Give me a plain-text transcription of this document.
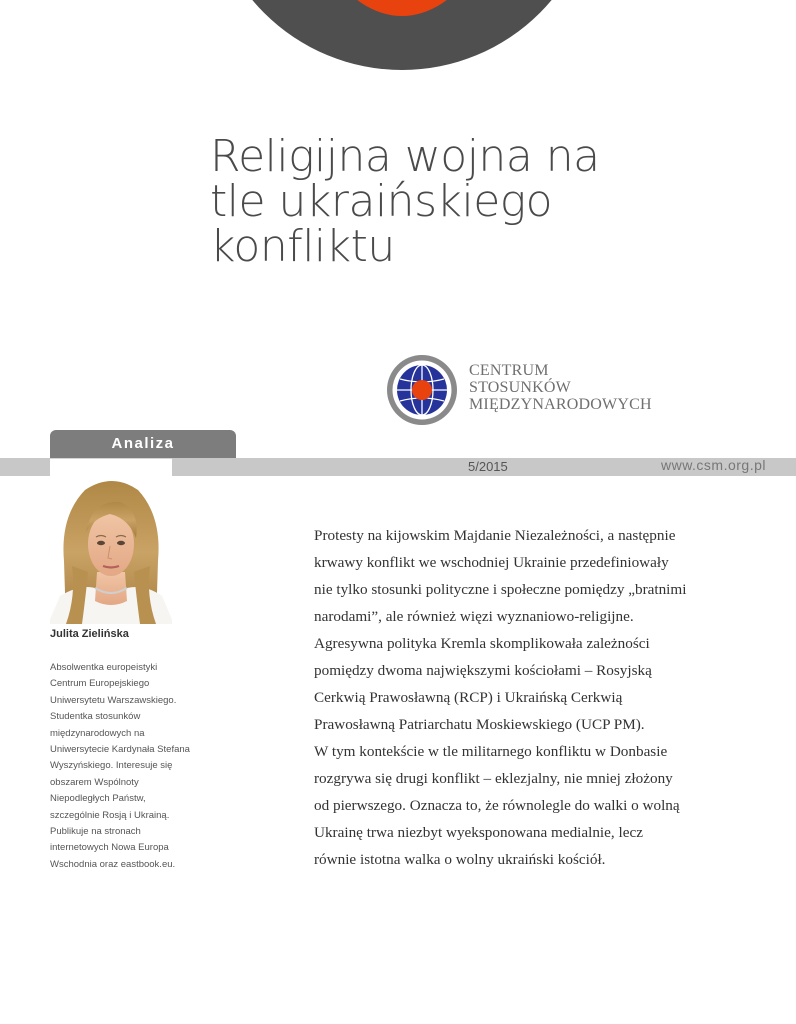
Religijna wojna na
tle ukraińskiego
konfliktu
CENTRUM
STOSUNKÓW
MIĘDZYNARODOWYCH
Analiza
5/2015	www.csm.org.pl
Julita Zielińska
Absolwentka europeistyki
Centrum Europejskiego
Uniwersytetu Warszawskiego.
Studentka stosunków
międzynarodowych na
Uniwersytecie Kardynała Stefana
Wyszyńskiego. Interesuje się
obszarem Wspólnoty
Niepodległych Państw,
szczególnie Rosją i Ukrainą.
Publikuje na stronach
internetowych Nowa Europa
Wschodnia oraz eastbook.eu.
Protesty na kijowskim Majdanie Niezależności, a następnie
krwawy konflikt we wschodniej Ukrainie przedefiniowały
nie tylko stosunki polityczne i społeczne pomiędzy „bratnimi
narodami”, ale również więzi wyznaniowo-religijne.
Agresywna polityka Kremla skomplikowała zależności
pomiędzy dwoma największymi kościołami – Rosyjską
Cerkwią Prawosławną (RCP) i Ukraińską Cerkwią
Prawosławną Patriarchatu Moskiewskiego (UCP PM).
W tym kontekście w tle militarnego konfliktu w Donbasie
rozgrywa się drugi konflikt – eklezjalny, nie mniej złożony
od pierwszego. Oznacza to, że równolegle do walki o wolną
Ukrainę trwa niezbyt wyeksponowana medialnie, lecz
równie istotna walka o wolny ukraiński kościół.
